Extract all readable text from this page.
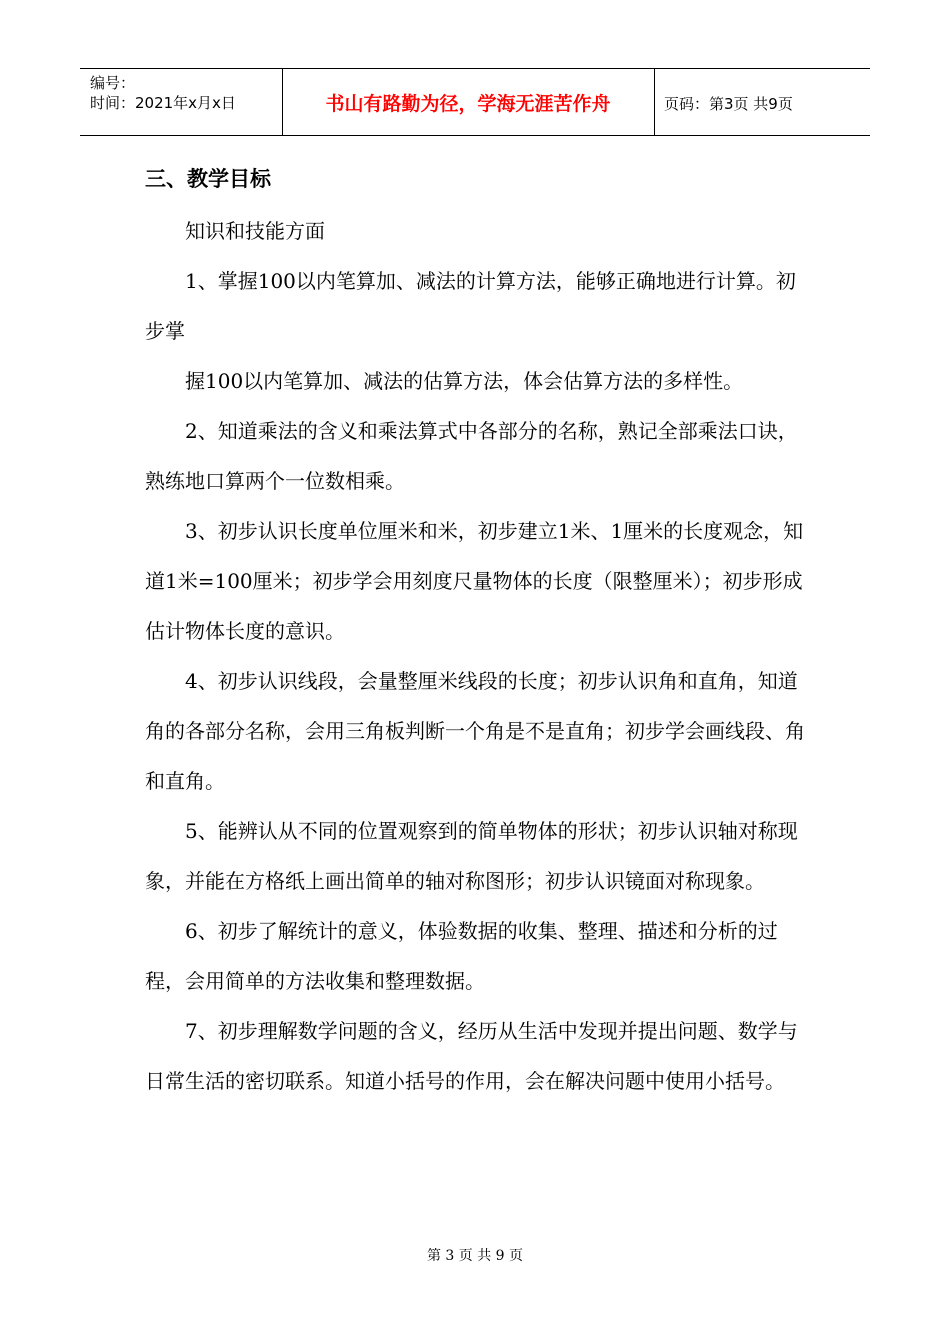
编号：
时间：2021年x月x日	书山有路勤为径，学海无涯苦作舟	页码：第3页 共9页
三、教学目标

知识和技能方面

1、掌握100以内笔算加、减法的计算方法，能够正确地进行计算。初步掌

握100以内笔算加、减法的估算方法，体会估算方法的多样性。

2、知道乘法的含义和乘法算式中各部分的名称，熟记全部乘法口诀，熟练地口算两个一位数相乘。

3、初步认识长度单位厘米和米，初步建立1米、1厘米的长度观念，知道1米=100厘米；初步学会用刻度尺量物体的长度（限整厘米）；初步形成估计物体长度的意识。

4、初步认识线段，会量整厘米线段的长度；初步认识角和直角，知道角的各部分名称，会用三角板判断一个角是不是直角；初步学会画线段、角和直角。

5、能辨认从不同的位置观察到的简单物体的形状；初步认识轴对称现象，并能在方格纸上画出简单的轴对称图形；初步认识镜面对称现象。

6、初步了解统计的意义，体验数据的收集、整理、描述和分析的过程，会用简单的方法收集和整理数据。

7、初步理解数学问题的含义，经历从生活中发现并提出问题、数学与日常生活的密切联系。知道小括号的作用，会在解决问题中使用小括号。

第 3 页 共 9 页
